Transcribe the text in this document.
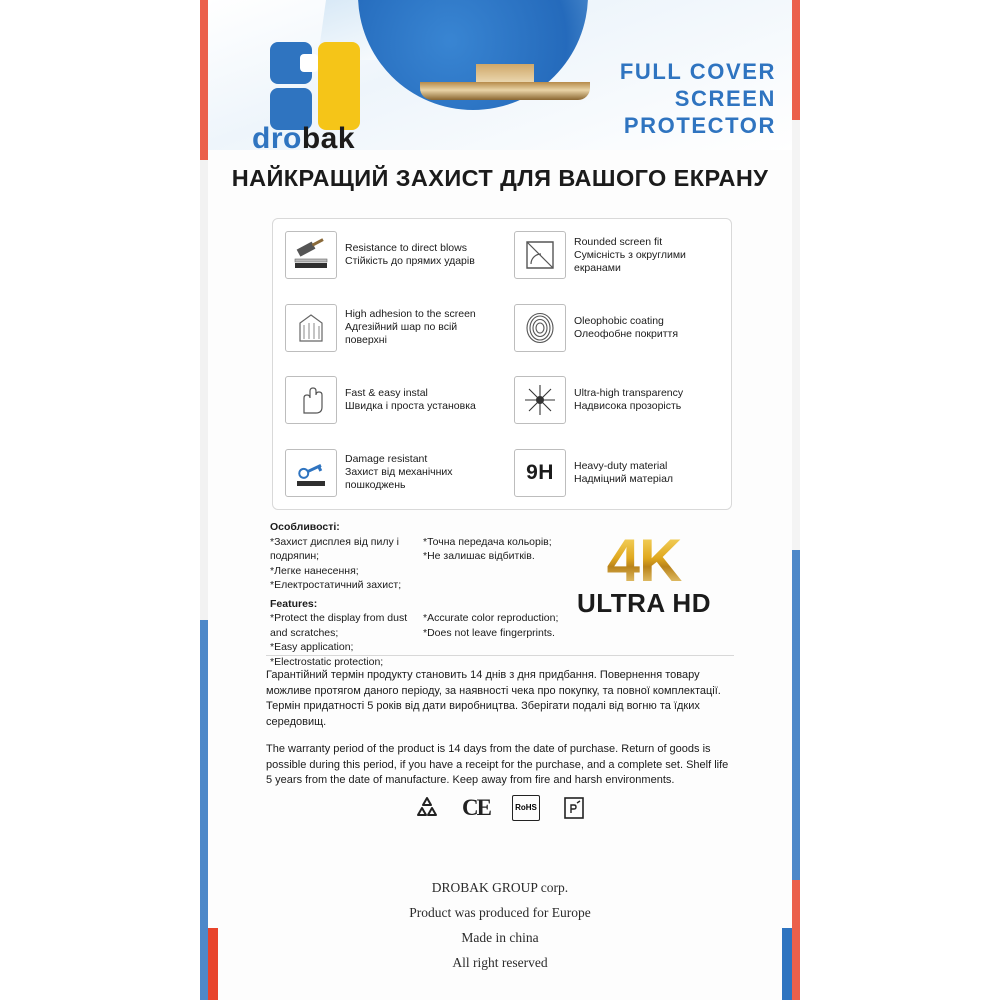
drobak
FULL COVER
SCREEN
PROTECTOR
НАЙКРАЩИЙ ЗАХИСТ ДЛЯ ВАШОГО ЕКРАНУ
Resistance to direct blows
Стійкість до прямих ударів
Rounded screen fit
Сумісність з округлими екранами
High adhesion to the screen
Адгезійний шар по всій поверхні
Oleophobic coating
Олеофобне покриття
Fast & easy instal
Швидка і проста установка
Ultra-high transparency
Надвисока прозорість
Damage resistant
Захист від механічних пошкоджень
9H Heavy-duty material
Надміцний матеріал
Особливості:
*Захист дисплея від пилу і подряпин;
*Легке нанесення;
*Електростатичний захист;
*Точна передача кольорів;
*Не залишає відбитків.
Features:
*Protect the display from dust and scratches;
*Easy application;
*Electrostatic protection;
*Accurate color reproduction;
*Does not leave fingerprints.
4K
ULTRA HD
Гарантійний термін продукту становить 14 днів з дня придбання. Повернення товару можливе протягом даного періоду, за наявності чека про покупку, та повної комплектації. Термін придатності 5 років від дати виробництва. Зберігати подалі від вогню та їдких середовищ.
The warranty period of the product is 14 days from the date of purchase. Return of goods is possible during this period, if you have a receipt for the purchase, and a complete set. Shelf life 5 years from the date of manufacture. Keep away from fire and harsh environments.
CE	RoHS
DROBAK GROUP corp.
Product was produced for Europe
Made in china
All right reserved
